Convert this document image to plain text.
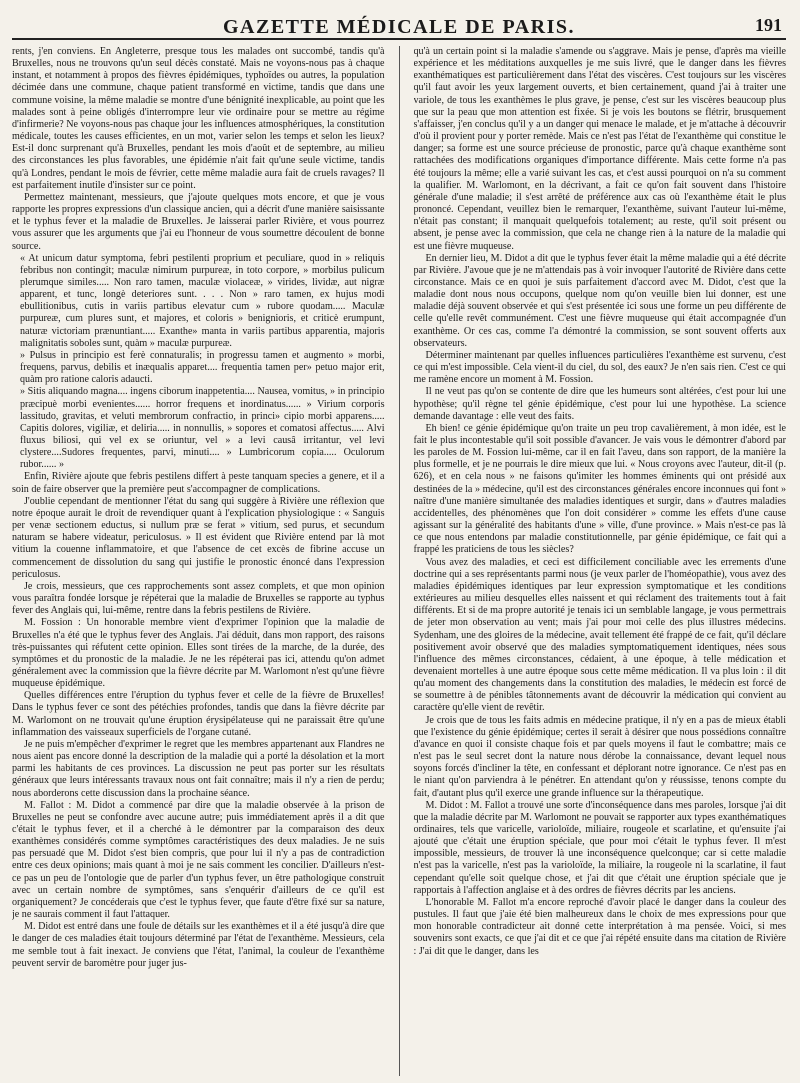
GAZETTE MÉDICALE DE PARIS.	191

rents, j'en conviens. En Angleterre, presque tous les malades ont succombé, tandis qu'à Bruxelles, nous ne trouvons qu'un seul décès constaté. Mais ne voyons-nous pas à chaque instant, et notamment à propos des fièvres épidémiques, typhoïdes ou autres, la population décimée dans une commune, chaque patient transformé en victime, tandis que dans une commune voisine, la même maladie se montre d'une bénignité inexplicable, au point que les malades sont à peine obligés d'interrompre leur vie ordinaire pour se mettre au régime d'infirmerie? Ne voyons-nous pas chaque jour les influences atmosphériques, la constitution médicale, toutes les causes efficientes, en un mot, varier selon les temps et selon les lieux? Est-il donc surprenant qu'à Bruxelles, pendant les mois d'août et de septembre, au milieu des circonstances les plus favorables, une épidémie n'ait fait qu'une seule victime, tandis qu'à Londres, pendant le mois de février, cette même maladie aura fait de cruels ravages? Il est parfaitement inutile d'insister sur ce point.

Permettez maintenant, messieurs, que j'ajoute quelques mots encore, et que je vous rapporte les propres expressions d'un classique ancien, qui a décrit d'une manière saisissante et le typhus fever et la maladie de Bruxelles. Je laisserai parler Rivière, et vous pourrez vous assurer que les arguments que j'ai eu l'honneur de vous soumettre découlent de bonne source.

« At unicum datur symptoma, febri pestilenti proprium et peculiare, quod in » reliquis febribus non contingit; maculæ nimirum purpureæ, in toto corpore, » morbilus pulicum plerumque similes..... Non raro tamen, maculæ violaceæ, » virides, lividæ, aut nigræ apparent, et tunc, longè deteriores sunt. . . . Non » raro tamen, ex hujus modi ebullitionibus, cutis in variis partibus elevatur cum » rubore quodam..... Maculæ purpureæ, cum plures sunt, et majores, et coloris » benignioris, et criticè erumpunt, naturæ victoriam prænuntiant..... Exanthe» manta in variis partibus apparentia, majoris malignitatis soboles sunt, quàm » maculæ purpureæ.

» Pulsus in principio est ferè connaturalis; in progressu tamen et augmento » morbi, frequens, parvus, debilis et inæqualis apparet.... frequentia tamen per» petuo major erit, quàm pro ratione caloris adaucti.

» Sitis aliquando magna.... ingens ciborum inappetentia.... Nausea, vomitus, » in principio præcipuè morbi evenientes...... horror frequens et inordinatus...... » Virium corporis lassitudo, gravitas, et veluti membrorum confractio, in princi» cipio morbi apparens..... Capitis dolores, vigiliæ, et deliria..... in nonnullis, » sopores et comatosi affectus..... Alvi fluxus biliosi, qui vel ex se oriuntur, vel » a levi causâ irritantur, vel levi clystere....Sudores frequentes, parvi, minuti.... » Lumbricorum copia..... Oculorum rubor...... »

Enfin, Rivière ajoute que febris pestilens differt à peste tanquam species a genere, et il a soin de faire observer que la première peut s'accompagner de complications.

J'oublie cependant de mentionner l'état du sang qui suggère à Rivière une réflexion que notre époque aurait le droit de revendiquer quant à l'explication physiologique : « Sanguis per venæ sectionem eductus, si nullum præ se ferat » vitium, sed purus, et secundum naturam se habere videatur, periculosus. » Il est évident que Rivière entend par là mot vitium la couenne inflammatoire, et que l'absence de cet excès de fibrine accuse un commencement de dissolution du sang qui justifie le pronostic énoncé dans l'expression periculosus.

Je crois, messieurs, que ces rapprochements sont assez complets, et que mon opinion vous paraîtra fondée lorsque je répéterai que la maladie de Bruxelles se rapporte au typhus fever des Anglais qui, lui-même, rentre dans la febris pestilens de Rivière.

M. Fossion : Un honorable membre vient d'exprimer l'opinion que la maladie de Bruxelles n'a été que le typhus fever des Anglais. J'ai déduit, dans mon rapport, des raisons très-puissantes qui réfutent cette opinion. Elles sont tirées de la marche, de la durée, des symptômes et du pronostic de la maladie. Je ne les répéterai pas ici, attendu qu'on admet généralement avec la commission que la fièvre décrite par M. Warlomont n'est qu'une fièvre muqueuse épidémique.

Quelles différences entre l'éruption du typhus fever et celle de la fièvre de Bruxelles! Dans le typhus fever ce sont des pétéchies profondes, tandis que dans la fièvre décrite par M. Warlomont on ne trouvait qu'une éruption érysipélateuse qui ne paraissait être qu'une inflammation des vaisseaux superficiels de l'organe cutané.

Je ne puis m'empêcher d'exprimer le regret que les membres appartenant aux Flandres ne nous aient pas encore donné la description de la maladie qui a porté la désolation et la mort parmi les habitants de ces provinces. La discussion ne peut pas porter sur les résultats généraux que leurs intéressants travaux nous ont fait connaître; mais il n'y a rien de perdu; nous aborderons cette discussion dans la prochaine séance.

M. Fallot : M. Didot a commencé par dire que la maladie observée à la prison de Bruxelles ne peut se confondre avec aucune autre; puis immédiatement après il a dit que c'était le typhus fever, et il a cherché à le démontrer par la comparaison des deux exanthèmes considérés comme symptômes caractéristiques des deux maladies. Je ne suis pas persuadé que M. Didot s'est bien compris, que pour lui il n'y a pas de contradiction entre ces deux opinions; mais quant à moi je ne sais comment les concilier. D'ailleurs n'est-ce pas un peu de l'ontologie que de parler d'un typhus fever, un être pathologique construit avec un certain nombre de symptômes, sans s'enquérir d'ailleurs de ce qu'il est organiquement? Je concéderais que c'est le typhus fever, que faute d'être fixé sur sa nature, je ne saurais comment il faut l'attaquer.

M. Didot est entré dans une foule de détails sur les exanthèmes et il a été jusqu'à dire que le danger de ces maladies était toujours déterminé par l'état de l'exanthème. Messieurs, cela me semble tout à fait inexact. Je conviens que l'état, l'animal, la couleur de l'exanthème peuvent servir de baromètre pour juger jus-

qu'à un certain point si la maladie s'amende ou s'aggrave. Mais je pense, d'après ma vieille expérience et les méditations auxquelles je me suis livré, que le danger dans les fièvres exanthématiques est particulièrement dans l'état des viscères. C'est toujours sur les viscères qu'il faut avoir les yeux largement ouverts, et bien certainement, quand j'ai à traiter une variole, de tous les exanthèmes le plus grave, je pense, c'est sur les viscères beaucoup plus que sur la peau que mon attention est fixée. Si je vois les boutons se flétrir, brusquement s'affaisser, j'en conclus qu'il y a un danger qui menace le malade, et je m'attache à découvrir d'où il provient pour y porter remède. Mais ce n'est pas l'état de l'exanthème qui constitue le danger; sa forme est une source précieuse de pronostic, parce qu'à chaque exanthème sont rattachées des modifications organiques d'importance différente. Mais cette forme n'a pas été toujours la même; elle a varié suivant les cas, et c'est aussi pourquoi on n'a su comment la qualifier. M. Warlomont, en la décrivant, a fait ce qu'on fait souvent dans l'histoire générale d'une maladie; il s'est arrêté de préférence aux cas où l'exanthème était le plus prononcé. Cependant, veuillez bien le remarquer, l'exanthème, suivant l'auteur lui-même, n'était pas constant; il manquait quelquefois totalement; au reste, qu'il soit présent ou absent, je pense avec la commission, que cela ne change rien à la nature de la maladie qui est une fièvre muqueuse.

En dernier lieu, M. Didot a dit que le typhus fever était la même maladie qui a été décrite par Rivière. J'avoue que je ne m'attendais pas à voir invoquer l'autorité de Rivière dans cette circonstance. Mais ce en quoi je suis parfaitement d'accord avec M. Didot, c'est que la maladie dont nous nous occupons, quelque nom qu'on veuille bien lui donner, est une maladie déjà souvent observée et qui s'est présentée ici sous une forme un peu différente de celle qu'elle revêt communément. C'est une fièvre muqueuse qui était accompagnée d'un exanthème. Or ces cas, comme l'a démontré la commission, se sont souvent offerts aux observateurs.

Déterminer maintenant par quelles influences particulières l'exanthème est survenu, c'est ce qui m'est impossible. Cela vient-il du ciel, du sol, des eaux? Je n'en sais rien. C'est ce qui me ramène encore un moment à M. Fossion.

Il ne veut pas qu'on se contente de dire que les humeurs sont altérées, c'est pour lui une hypothèse; qu'il règne tel génie épidémique, c'est pour lui une hypothèse. La science demande davantage : elle veut des faits.

Eh bien! ce génie épidémique qu'on traite un peu trop cavalièrement, à mon idée, est le fait le plus incontestable qu'il soit possible d'avancer. Je vais vous le démontrer d'abord par les paroles de M. Fossion lui-même, car il en fait l'aveu, dans son rapport, de la manière la plus formelle, et je ne pourrais le dire mieux que lui. « Nous croyons avec l'auteur, dit-il (p. 626), et en cela nous » ne faisons qu'imiter les hommes éminents qui ont présidé aux destinées de la » médecine, qu'il est des circonstances générales encore inconnues qui font » naître d'une manière simultanée des maladies identiques et surgir, dans » d'autres maladies accidentelles, des phénomènes que l'on doit considérer » comme les effets d'une cause agissant sur la généralité des habitants d'une » ville, d'une province. » Mais n'est-ce pas là ce que nous entendons par maladie constitutionnelle, par génie épidémique, ce fait qui a frappé les praticiens de tous les siècles?

Vous avez des maladies, et ceci est difficilement conciliable avec les errements d'une doctrine qui a ses représentants parmi nous (je veux parler de l'homéopathie), vous avez des maladies épidémiques identiques par leur expression symptomatique et les conditions extérieures au milieu desquelles elles naissent et qui réclament des traitements tout à fait différents. Et si de ma propre autorité je tenais ici un semblable langage, je vous permettrais de jeter mon observation au vent; mais j'ai pour moi celle des plus illustres médecins. Sydenham, une des gloires de la médecine, avait tellement été frappé de ce fait, qu'il déclare positivement avoir observé que des maladies symptomatiquement identiques, nées sous l'influence des mêmes circonstances, cédaient, à une époque, à telle médication et devenaient mortelles à une autre époque sous cette même médication. Il va plus loin : il dit qu'au moment des changements dans la constitution des maladies, le médecin est forcé de se soumettre à de pénibles tâtonnements avant de découvrir la médication qui convient au caractère qu'elle vient de revêtir.

Je crois que de tous les faits admis en médecine pratique, il n'y en a pas de mieux établi que l'existence du génie épidémique; certes il serait à désirer que nous possédions connaître d'avance en quoi il consiste chaque fois et par quels moyens il faut le combattre; mais ce n'est pas le seul secret dont la nature nous dérobe la connaissance, devant lequel nous soyons forcés d'incliner la tête, en confessant et déplorant notre ignorance. Ce n'est pas en le niant qu'on parviendra à le pénétrer. En attendant qu'on y réussisse, tenons compte du fait, d'autant plus qu'il exerce une grande influence sur la thérapeutique.

M. Didot : M. Fallot a trouvé une sorte d'inconséquence dans mes paroles, lorsque j'ai dit que la maladie décrite par M. Warlomont ne pouvait se rapporter aux types exanthématiques ordinaires, tels que varicelle, varioloïde, miliaire, rougeole et scarlatine, et qu'ensuite j'ai ajouté que c'était une éruption spéciale, que pour moi c'était le typhus fever. Il m'est impossible, messieurs, de trouver là une inconséquence quelconque; car si cette maladie n'est pas la varicelle, n'est pas la varioloïde, la miliaire, la rougeole ni la scarlatine, il faut cependant qu'elle soit quelque chose, et j'ai dit que c'était une éruption spéciale que je rapportais à l'affection anglaise et à des ordres de fièvres décrits par les anciens.

L'honorable M. Fallot m'a encore reproché d'avoir placé le danger dans la couleur des pustules. Il faut que j'aie été bien malheureux dans le choix de mes expressions pour que mon honorable contradicteur ait donné cette interprétation à ma pensée. Voici, si mes souvenirs sont exacts, ce que j'ai dit et ce que j'ai répété ensuite dans ma citation de Rivière : J'ai dit que le danger, dans les
